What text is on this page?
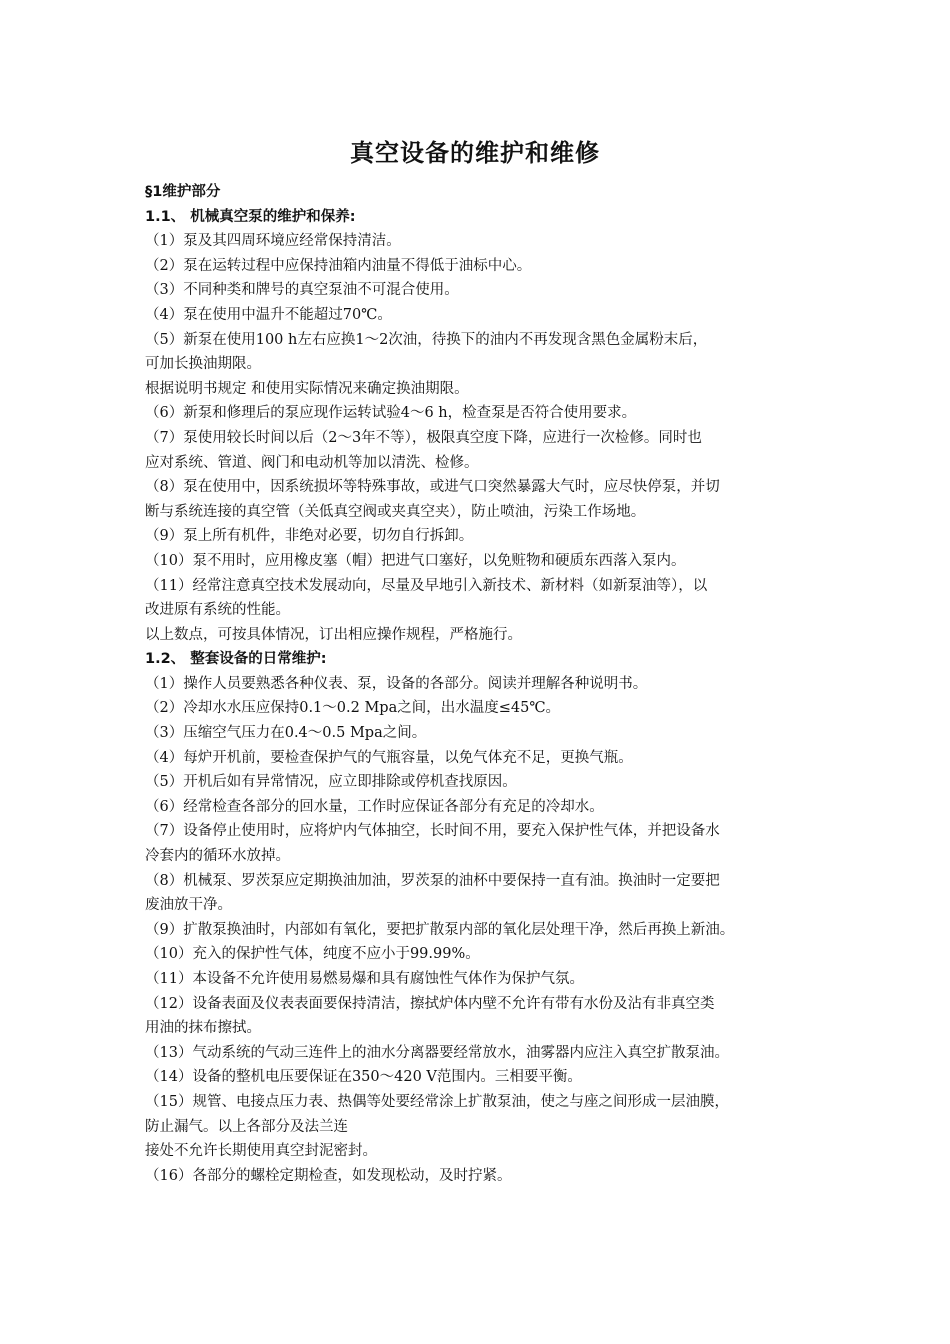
真空设备的维护和维修
§1维护部分
1.1、 机械真空泵的维护和保养:
（1）泵及其四周环境应经常保持清洁。
（2）泵在运转过程中应保持油箱内油量不得低于油标中心。
（3）不同种类和牌号的真空泵油不可混合使用。
（4）泵在使用中温升不能超过70℃。
（5）新泵在使用100 h左右应换1～2次油，待换下的油内不再发现含黑色金属粉末后，
可加长换油期限。
根据说明书规定 和使用实际情况来确定换油期限。
（6）新泵和修理后的泵应现作运转试验4～6 h，检查泵是否符合使用要求。
（7）泵使用较长时间以后（2～3年不等），极限真空度下降，应进行一次检修。同时也
应对系统、管道、阀门和电动机等加以清洗、检修。
（8）泵在使用中，因系统损坏等特殊事故，或进气口突然暴露大气时，应尽快停泵，并切
断与系统连接的真空管（关低真空阀或夹真空夹），防止喷油，污染工作场地。
（9）泵上所有机件，非绝对必要，切勿自行拆卸。
（10）泵不用时，应用橡皮塞（帽）把进气口塞好，以免赃物和硬质东西落入泵内。
（11）经常注意真空技术发展动向，尽量及早地引入新技术、新材料（如新泵油等），以
改进原有系统的性能。
以上数点，可按具体情况，订出相应操作规程，严格施行。
1.2、 整套设备的日常维护:
（1）操作人员要熟悉各种仪表、泵，设备的各部分。阅读并理解各种说明书。
（2）冷却水水压应保持0.1～0.2 Mpa之间，出水温度≤45℃。
（3）压缩空气压力在0.4～0.5 Mpa之间。
（4）每炉开机前，要检查保护气的气瓶容量，以免气体充不足，更换气瓶。
（5）开机后如有异常情况，应立即排除或停机查找原因。
（6）经常检查各部分的回水量，工作时应保证各部分有充足的冷却水。
（7）设备停止使用时，应将炉内气体抽空，长时间不用，要充入保护性气体，并把设备水
冷套内的循环水放掉。
（8）机械泵、罗茨泵应定期换油加油，罗茨泵的油杯中要保持一直有油。换油时一定要把
废油放干净。
（9）扩散泵换油时，内部如有氧化，要把扩散泵内部的氧化层处理干净，然后再换上新油。
（10）充入的保护性气体，纯度不应小于99.99%。
（11）本设备不允许使用易燃易爆和具有腐蚀性气体作为保护气氛。
（12）设备表面及仪表表面要保持清洁，擦拭炉体内壁不允许有带有水份及沾有非真空类
用油的抹布擦拭。
（13）气动系统的气动三连件上的油水分离器要经常放水，油雾器内应注入真空扩散泵油。
（14）设备的整机电压要保证在350～420 V范围内。三相要平衡。
（15）规管、电接点压力表、热偶等处要经常涂上扩散泵油，使之与座之间形成一层油膜，
防止漏气。以上各部分及法兰连
接处不允许长期使用真空封泥密封。
（16）各部分的螺栓定期检查，如发现松动，及时拧紧。
